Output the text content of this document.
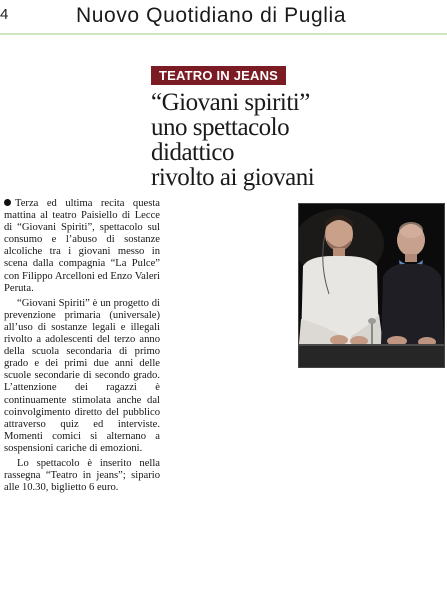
4	Nuovo Quotidiano di Puglia
TEATRO IN JEANS
“Giovani spiriti”
uno spettacolo
didattico
rivolto ai giovani

Terza ed ultima recita questa mattina al teatro Paisiello di Lecce di “Giovani Spiriti”, spettacolo sul consumo e l’abuso di sostanze alcoliche tra i giovani messo in scena dalla compagnia “La Pulce” con Filippo Arcelloni ed Enzo Valeri Peruta.

“Giovani Spiriti” è un progetto di prevenzione primaria (universale) all’uso di sostanze legali e illegali rivolto a adolescenti del terzo anno della scuola secondaria di primo grado e dei primi due anni delle scuole secondarie di secondo grado. L’attenzione dei ragazzi è continuamente stimolata anche dal coinvolgimento diretto del pubblico attraverso quiz ed interviste. Momenti comici si alternano a sospensioni cariche di emozioni.

Lo spettacolo è inserito nella rassegna “Teatro in jeans”; sipario alle 10.30, biglietto 6 euro.
